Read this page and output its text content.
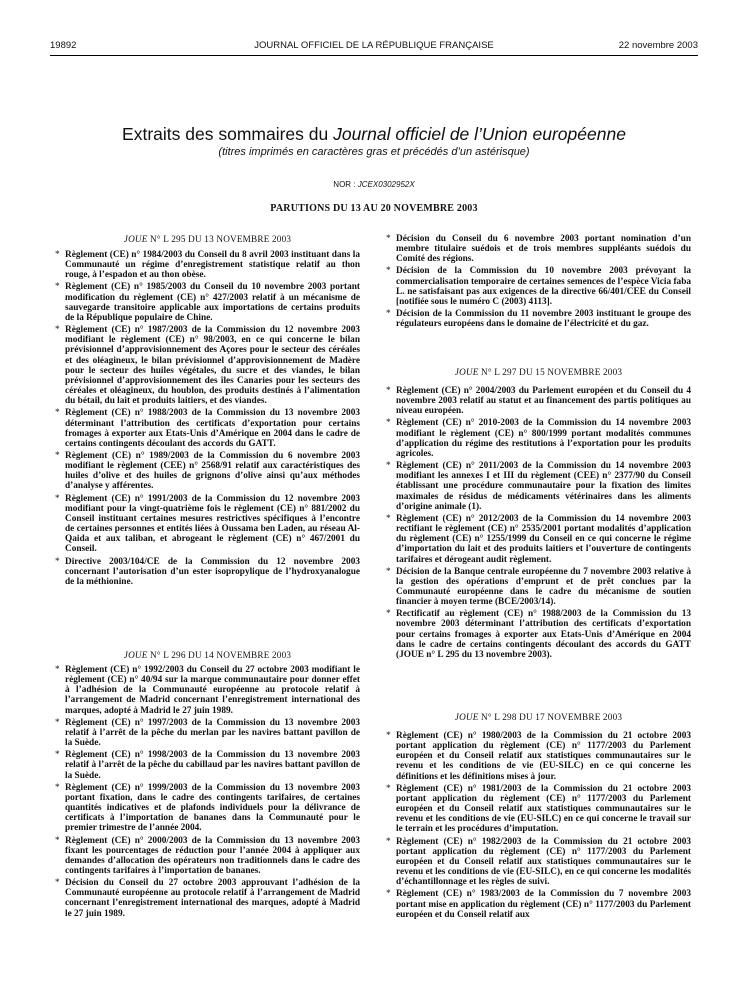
19892	JOURNAL OFFICIEL DE LA RÉPUBLIQUE FRANÇAISE	22 novembre 2003
Extraits des sommaires du Journal officiel de l’Union européenne
(titres imprimés en caractères gras et précédés d’un astérisque)
NOR : JCEX0302952X
PARUTIONS DU 13 AU 20 NOVEMBRE 2003
JOUE N° L 295 DU 13 NOVEMBRE 2003
* Règlement (CE) n° 1984/2003 du Conseil du 8 avril 2003 instituant dans la Communauté un régime d’enregistrement statistique relatif au thon rouge, à l’espadon et au thon obèse.
* Règlement (CE) n° 1985/2003 du Conseil du 10 novembre 2003 portant modification du règlement (CE) n° 427/2003 relatif à un mécanisme de sauvegarde transitoire applicable aux importations de certains produits de la République populaire de Chine.
* Règlement (CE) n° 1987/2003 de la Commission du 12 novembre 2003 modifiant le règlement (CE) n° 98/2003, en ce qui concerne le bilan prévisionnel d’approvisionnement des Açores pour le secteur des céréales et des oléagineux, le bilan prévisionnel d’approvisionnement de Madère pour le secteur des huiles végétales, du sucre et des viandes, le bilan prévisionnel d’approvisionnement des îles Canaries pour les secteurs des céréales et oléagineux, du houblon, des produits destinés à l’alimentation du bétail, du lait et produits laitiers, et des viandes.
* Règlement (CE) n° 1988/2003 de la Commission du 13 novembre 2003 déterminant l’attribution des certificats d’exportation pour certains fromages à exporter aux Etats-Unis d’Amérique en 2004 dans le cadre de certains contingents découlant des accords du GATT.
* Règlement (CE) n° 1989/2003 de la Commission du 6 novembre 2003 modifiant le règlement (CEE) n° 2568/91 relatif aux caractéristiques des huiles d’olive et des huiles de grignons d’olive ainsi qu’aux méthodes d’analyse y afférentes.
* Règlement (CE) n° 1991/2003 de la Commission du 12 novembre 2003 modifiant pour la vingt-quatrième fois le règlement (CE) n° 881/2002 du Conseil instituant certaines mesures restrictives spécifiques à l’encontre de certaines personnes et entités liées à Oussama ben Laden, au réseau Al-Qaida et aux taliban, et abrogeant le règlement (CE) n° 467/2001 du Conseil.
* Directive 2003/104/CE de la Commission du 12 novembre 2003 concernant l’autorisation d’un ester isopropylique de l’hydroxyanalogue de la méthionine.
JOUE N° L 296 DU 14 NOVEMBRE 2003
* Règlement (CE) n° 1992/2003 du Conseil du 27 octobre 2003 modifiant le règlement (CE) n° 40/94 sur la marque communautaire pour donner effet à l’adhésion de la Communauté européenne au protocole relatif à l’arrangement de Madrid concernant l’enregistrement international des marques, adopté à Madrid le 27 juin 1989.
* Règlement (CE) n° 1997/2003 de la Commission du 13 novembre 2003 relatif à l’arrêt de la pêche du merlan par les navires battant pavillon de la Suède.
* Règlement (CE) n° 1998/2003 de la Commission du 13 novembre 2003 relatif à l’arrêt de la pêche du cabillaud par les navires battant pavillon de la Suède.
* Règlement (CE) n° 1999/2003 de la Commission du 13 novembre 2003 portant fixation, dans le cadre des contingents tarifaires, de certaines quantités indicatives et de plafonds individuels pour la délivrance de certificats à l’importation de bananes dans la Communauté pour le premier trimestre de l’année 2004.
* Règlement (CE) n° 2000/2003 de la Commission du 13 novembre 2003 fixant les pourcentages de réduction pour l’année 2004 à appliquer aux demandes d’allocation des opérateurs non traditionnels dans le cadre des contingents tarifaires à l’importation de bananes.
* Décision du Conseil du 27 octobre 2003 approuvant l’adhésion de la Communauté européenne au protocole relatif à l’arrangement de Madrid concernant l’enregistrement international des marques, adopté à Madrid le 27 juin 1989.
* Décision du Conseil du 6 novembre 2003 portant nomination d’un membre titulaire suédois et de trois membres suppléants suédois du Comité des régions.
* Décision de la Commission du 10 novembre 2003 prévoyant la commercialisation temporaire de certaines semences de l’espèce Vicia faba L. ne satisfaisant pas aux exigences de la directive 66/401/CEE du Conseil [notifiée sous le numéro C (2003) 4113].
* Décision de la Commission du 11 novembre 2003 instituant le groupe des régulateurs européens dans le domaine de l’électricité et du gaz.
JOUE N° L 297 DU 15 NOVEMBRE 2003
* Règlement (CE) n° 2004/2003 du Parlement européen et du Conseil du 4 novembre 2003 relatif au statut et au financement des partis politiques au niveau européen.
* Règlement (CE) n° 2010-2003 de la Commission du 14 novembre 2003 modifiant le règlement (CE) n° 800/1999 portant modalités communes d’application du régime des restitutions à l’exportation pour les produits agricoles.
* Règlement (CE) n° 2011/2003 de la Commission du 14 novembre 2003 modifiant les annexes I et III du règlement (CEE) n° 2377/90 du Conseil établissant une procédure communautaire pour la fixation des limites maximales de résidus de médicaments vétérinaires dans les aliments d’origine animale (1).
* Règlement (CE) n° 2012/2003 de la Commission du 14 novembre 2003 rectifiant le règlement (CE) n° 2535/2001 portant modalités d’application du règlement (CE) n° 1255/1999 du Conseil en ce qui concerne le régime d’importation du lait et des produits laitiers et l’ouverture de contingents tarifaires et dérogeant audit règlement.
* Décision de la Banque centrale européenne du 7 novembre 2003 relative à la gestion des opérations d’emprunt et de prêt conclues par la Communauté européenne dans le cadre du mécanisme de soutien financier à moyen terme (BCE/2003/14).
* Rectificatif au règlement (CE) n° 1988/2003 de la Commission du 13 novembre 2003 déterminant l’attribution des certificats d’exportation pour certains fromages à exporter aux Etats-Unis d’Amérique en 2004 dans le cadre de certains contingents découlant des accords du GATT (JOUE n° L 295 du 13 novembre 2003).
JOUE N° L 298 DU 17 NOVEMBRE 2003
* Règlement (CE) n° 1980/2003 de la Commission du 21 octobre 2003 portant application du règlement (CE) n° 1177/2003 du Parlement européen et du Conseil relatif aux statistiques communautaires sur le revenu et les conditions de vie (EU-SILC) en ce qui concerne les définitions et les définitions mises à jour.
* Règlement (CE) n° 1981/2003 de la Commission du 21 octobre 2003 portant application du règlement (CE) n° 1177/2003 du Parlement européen et du Conseil relatif aux statistiques communautaires sur le revenu et les conditions de vie (EU-SILC) en ce qui concerne le travail sur le terrain et les procédures d’imputation.
* Règlement (CE) n° 1982/2003 de la Commission du 21 octobre 2003 portant application du règlement (CE) n° 1177/2003 du Parlement européen et du Conseil relatif aux statistiques communautaires sur le revenu et les conditions de vie (EU-SILC), en ce qui concerne les modalités d’échantillonnage et les règles de suivi.
* Règlement (CE) n° 1983/2003 de la Commission du 7 novembre 2003 portant mise en application du règlement (CE) n° 1177/2003 du Parlement européen et du Conseil relatif aux
